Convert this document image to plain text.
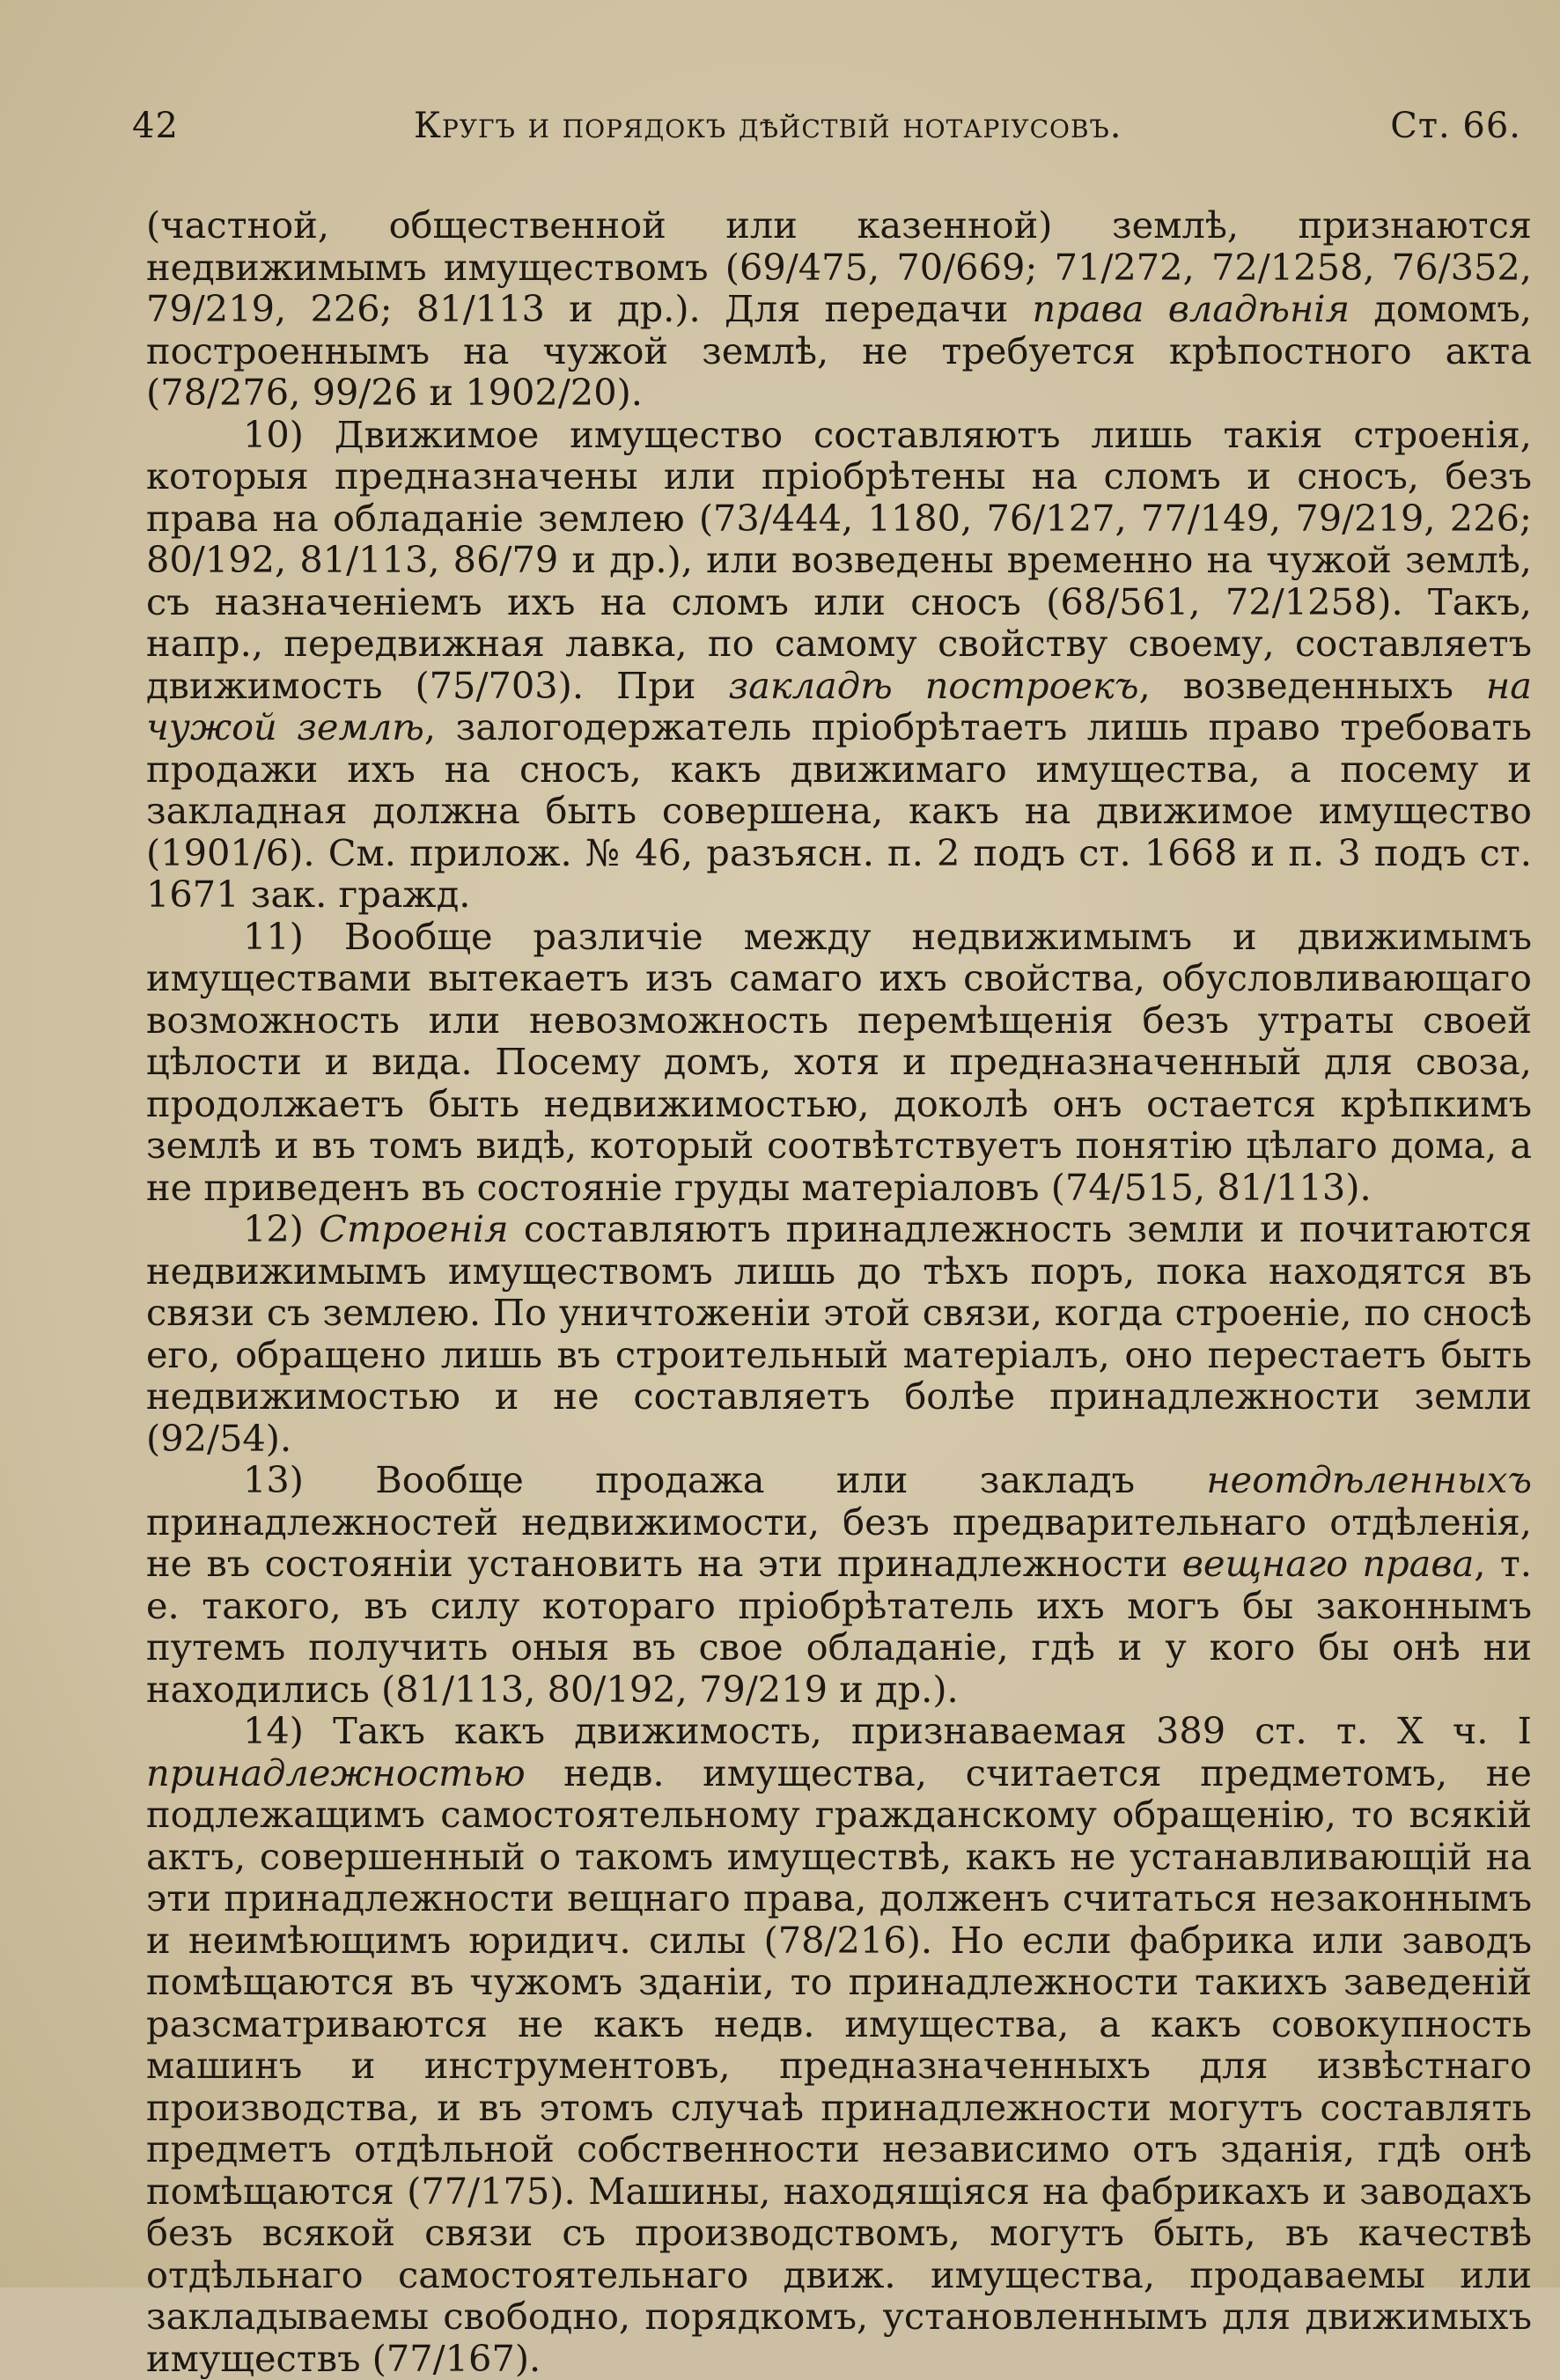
42	Кругъ и порядокъ дѣйствій нотаріусовъ.	Ст. 66.

(частной, общественной или казенной) землѣ, признаются недвижимымъ имуществомъ (69/475, 70/669; 71/272, 72/1258, 76/352, 79/219, 226; 81/113 и др.). Для передачи права владѣнія домомъ, построеннымъ на чужой землѣ, не требуется крѣпостного акта (78/276, 99/26 и 1902/20).

10) Движимое имущество составляютъ лишь такія строенія, которыя предназначены или пріобрѣтены на сломъ и сносъ, безъ права на обладаніе землею (73/444, 1180, 76/127, 77/149, 79/219, 226; 80/192, 81/113, 86/79 и др.), или возведены временно на чужой землѣ, съ назначеніемъ ихъ на сломъ или сносъ (68/561, 72/1258). Такъ, напр., передвижная лавка, по самому свойству своему, составляетъ движимость (75/703). При закладѣ построекъ, возведенныхъ на чужой землѣ, залогодержатель пріобрѣтаетъ лишь право требовать продажи ихъ на сносъ, какъ движимаго имущества, а посему и закладная должна быть совершена, какъ на движимое имущество (1901/6). См. прилож. № 46, разъясн. п. 2 подъ ст. 1668 и п. 3 подъ ст. 1671 зак. гражд.

11) Вообще различіе между недвижимымъ и движимымъ имуществами вытекаетъ изъ самаго ихъ свойства, обусловливающаго возможность или невозможность перемѣщенія безъ утраты своей цѣлости и вида. Посему домъ, хотя и предназначенный для своза, продолжаетъ быть недвижимостью, доколѣ онъ остается крѣпкимъ землѣ и въ томъ видѣ, который соотвѣтствуетъ понятію цѣлаго дома, а не приведенъ въ состояніе груды матеріаловъ (74/515, 81/113).

12) Строенія составляютъ принадлежность земли и почитаются недвижимымъ имуществомъ лишь до тѣхъ поръ, пока находятся въ связи съ землею. По уничтоженіи этой связи, когда строеніе, по сносѣ его, обращено лишь въ строительный матеріалъ, оно перестаетъ быть недвижимостью и не составляетъ болѣе принадлежности земли (92/54).

13) Вообще продажа или закладъ неотдѣленныхъ принадлежностей недвижимости, безъ предварительнаго отдѣленія, не въ состояніи установить на эти принадлежности вещнаго права, т. е. такого, въ силу котораго пріобрѣтатель ихъ могъ бы законнымъ путемъ получить оныя въ свое обладаніе, гдѣ и у кого бы онѣ ни находились (81/113, 80/192, 79/219 и др.).

14) Такъ какъ движимость, признаваемая 389 ст. т. X ч. I принадлежностью недв. имущества, считается предметомъ, не подлежащимъ самостоятельному гражданскому обращенію, то всякій актъ, совершенный о такомъ имуществѣ, какъ не устанавливающій на эти принадлежности вещнаго права, долженъ считаться незаконнымъ и неимѣющимъ юридич. силы (78/216). Но если фабрика или заводъ помѣщаются въ чужомъ зданіи, то принадлежности такихъ заведеній разсматриваются не какъ недв. имущества, а какъ совокупность машинъ и инструментовъ, предназначенныхъ для извѣстнаго производства, и въ этомъ случаѣ принадлежности могутъ составлять предметъ отдѣльной собственности независимо отъ зданія, гдѣ онѣ помѣщаются (77/175). Машины, находящіяся на фабрикахъ и заводахъ безъ всякой связи съ производствомъ, могутъ быть, въ качествѣ отдѣльнаго самостоятельнаго движ. имущества, продаваемы или закладываемы свободно, порядкомъ, установленнымъ для движимыхъ имуществъ (77/167).
